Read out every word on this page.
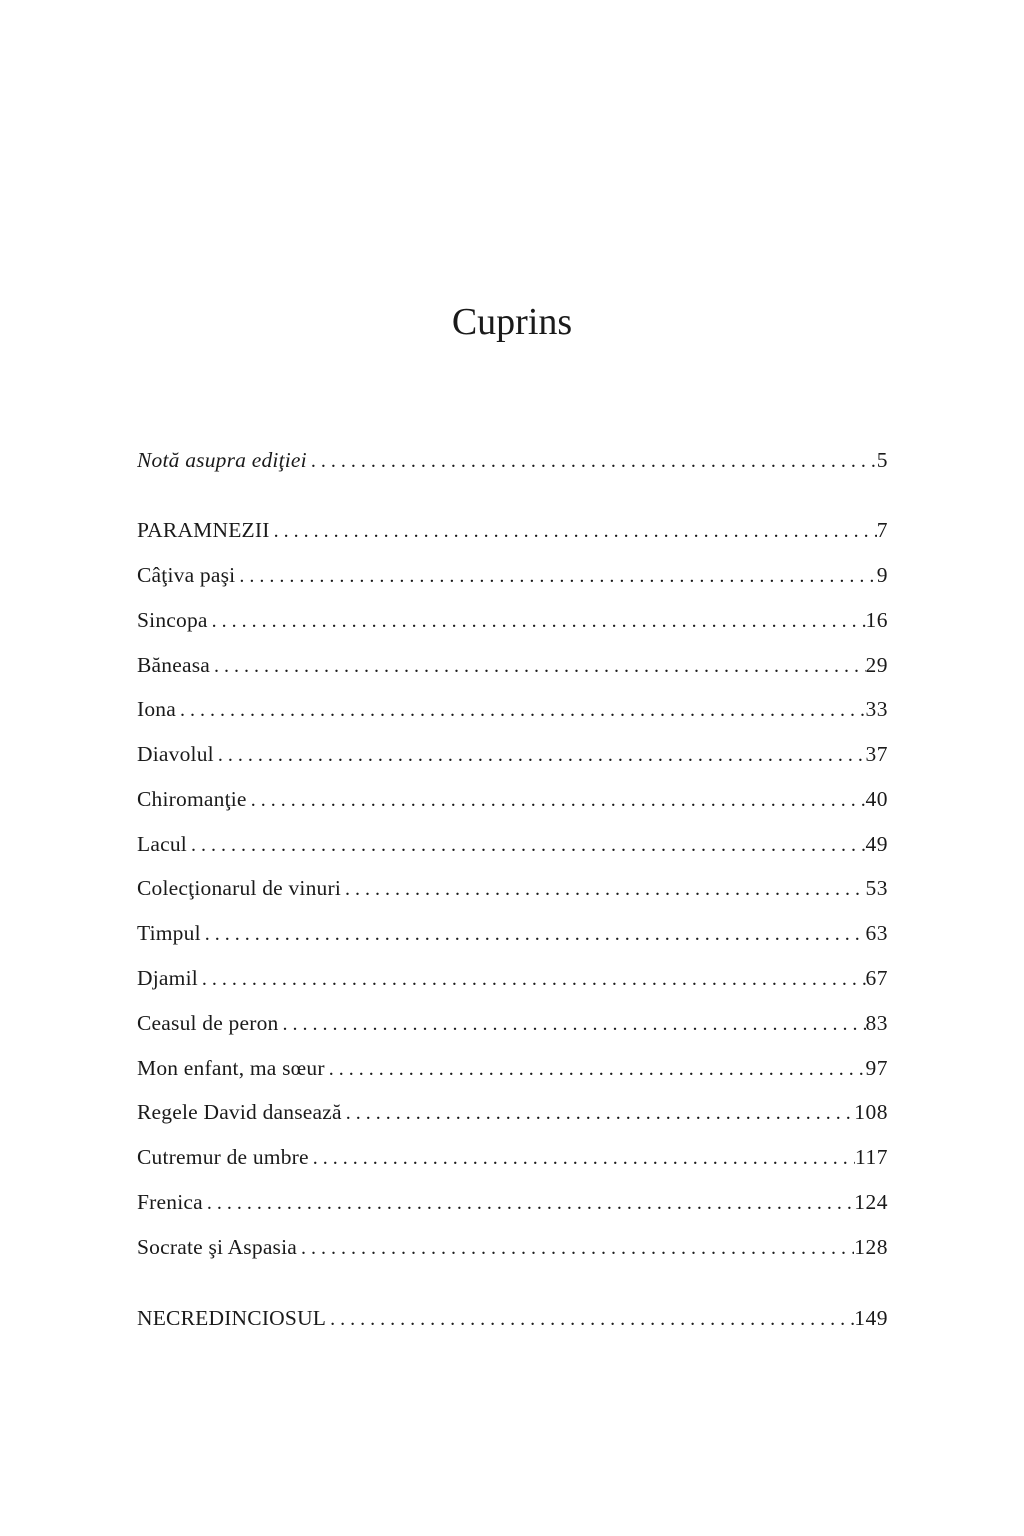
Cuprins
Notă asupra ediţiei . . .	5
PARAMNEZII . . .	7
Câţiva paşi . . .	9
Sincopa . . .	16
Băneasa . . .	29
Iona . . .	33
Diavolul . . .	37
Chiromanţie . . .	40
Lacul . . .	49
Colecţionarul de vinuri . . .	53
Timpul . . .	63
Djamil . . .	67
Ceasul de peron . . .	83
Mon enfant, ma sœur . . .	97
Regele David dansează . . .	108
Cutremur de umbre . . .	117
Frenica . . .	124
Socrate şi Aspasia . . .	128
NECREDINCIOSUL . . .	149
